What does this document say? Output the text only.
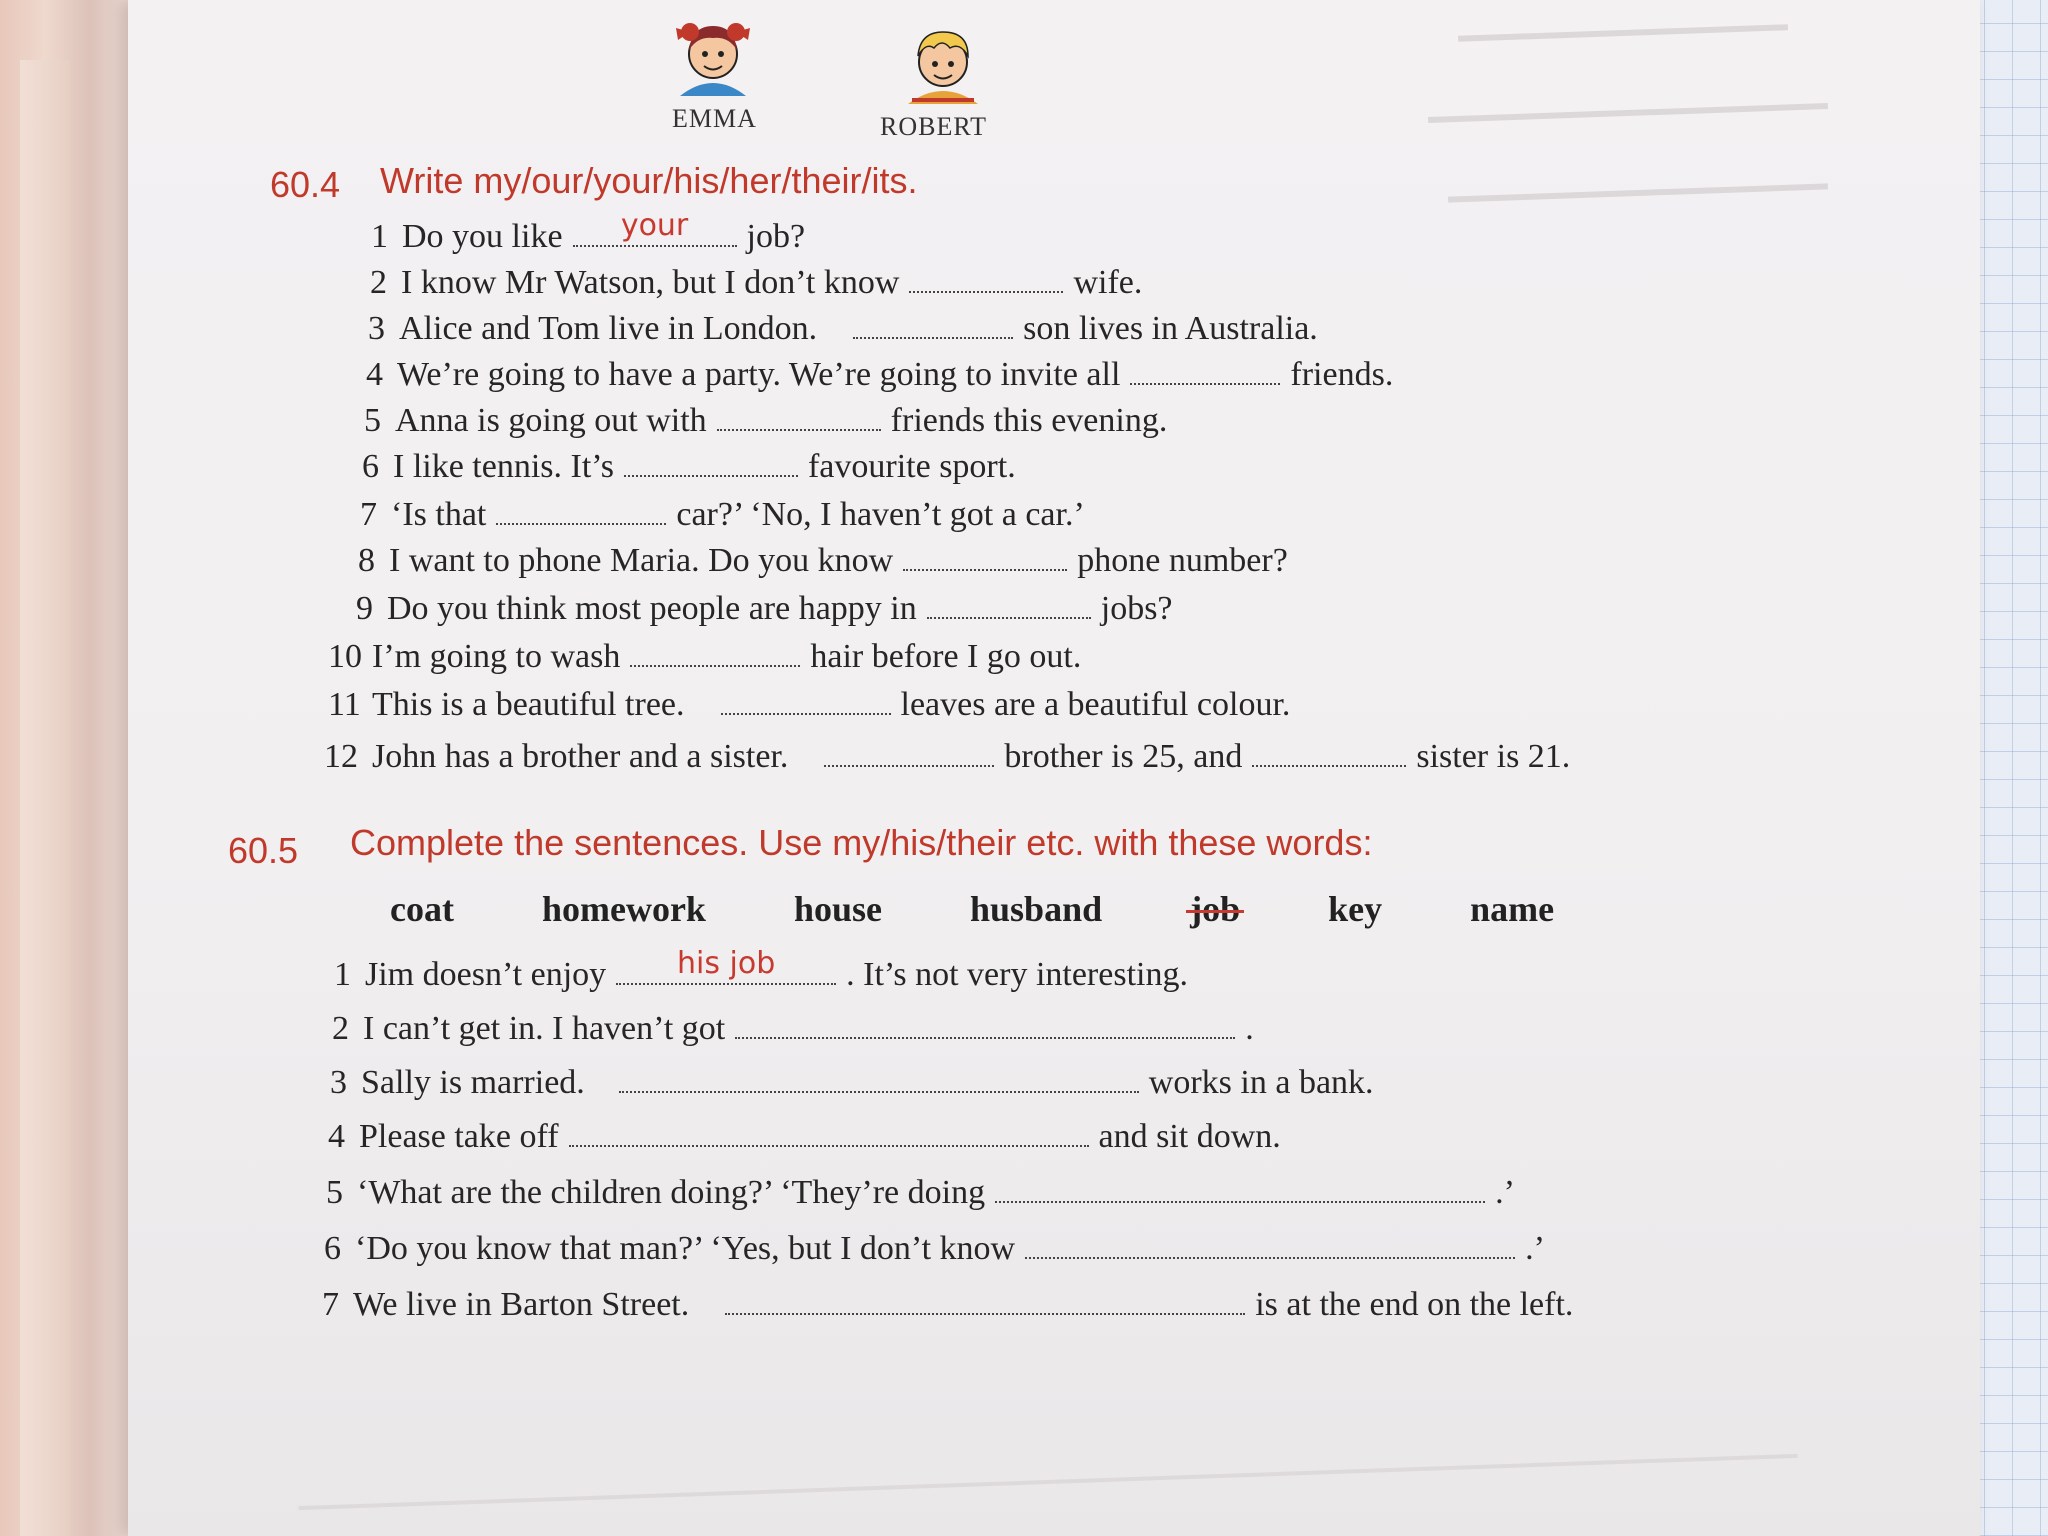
EMMA	ROBERT
60.4 Write my/our/your/his/her/their/its.
1 Do you like	your	job?
2 I know Mr Watson, but I don’t know	wife.
3 Alice and Tom live in London.	son lives in Australia.
4 We’re going to have a party. We’re going to invite all	friends.
5 Anna is going out with	friends this evening.
6 I like tennis. It’s	favourite sport.
7 ‘Is that	car?’ ‘No, I haven’t got a car.’
8 I want to phone Maria. Do you know	phone number?
9 Do you think most people are happy in	jobs?
10 I’m going to wash	hair before I go out.
11 This is a beautiful tree.	leaves are a beautiful colour.
12 John has a brother and a sister.	brother is 25, and	sister is 21.
60.5 Complete the sentences. Use my/his/their etc. with these words:
coat homework house husband job key name
1 Jim doesn’t enjoy	his job	. It’s not very interesting.
2 I can’t get in. I haven’t got	.
3 Sally is married.	works in a bank.
4 Please take off	and sit down.
5 ‘What are the children doing?’ ‘They’re doing	.’
6 ‘Do you know that man?’ ‘Yes, but I don’t know	.’
7 We live in Barton Street.	is at the end on the left.
